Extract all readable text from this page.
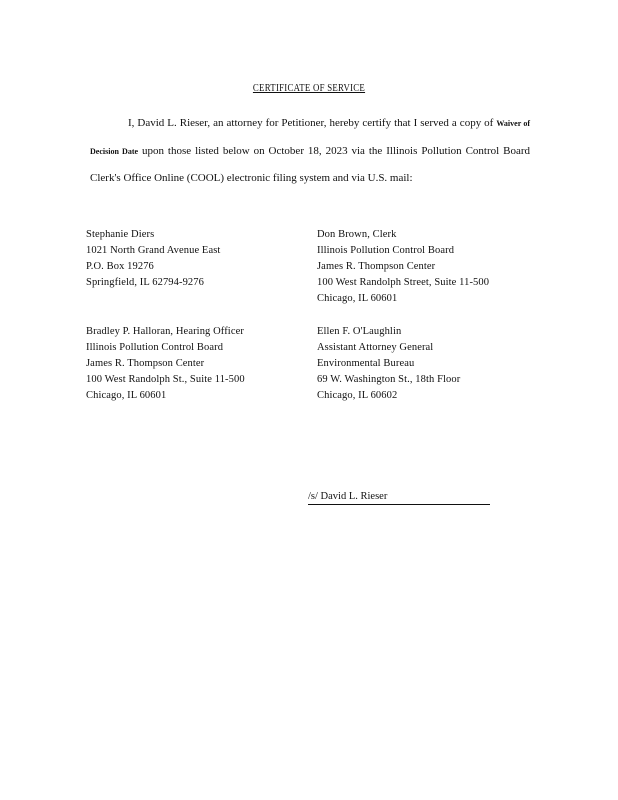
CERTIFICATE OF SERVICE
I, David L. Rieser, an attorney for Petitioner, hereby certify that I served a copy of Waiver of Decision Date upon those listed below on October 18, 2023 via the Illinois Pollution Control Board Clerk's Office Online (COOL) electronic filing system and via U.S. mail:
Stephanie Diers
1021 North Grand Avenue East
P.O. Box 19276
Springfield, IL 62794-9276
Don Brown, Clerk
Illinois Pollution Control Board
James R. Thompson Center
100 West Randolph Street, Suite 11-500
Chicago, IL 60601
Bradley P. Halloran, Hearing Officer
Illinois Pollution Control Board
James R. Thompson Center
100 West Randolph St., Suite 11-500
Chicago, IL 60601
Ellen F. O'Laughlin
Assistant Attorney General
Environmental Bureau
69 W. Washington St., 18th Floor
Chicago, IL 60602
/s/ David L. Rieser
